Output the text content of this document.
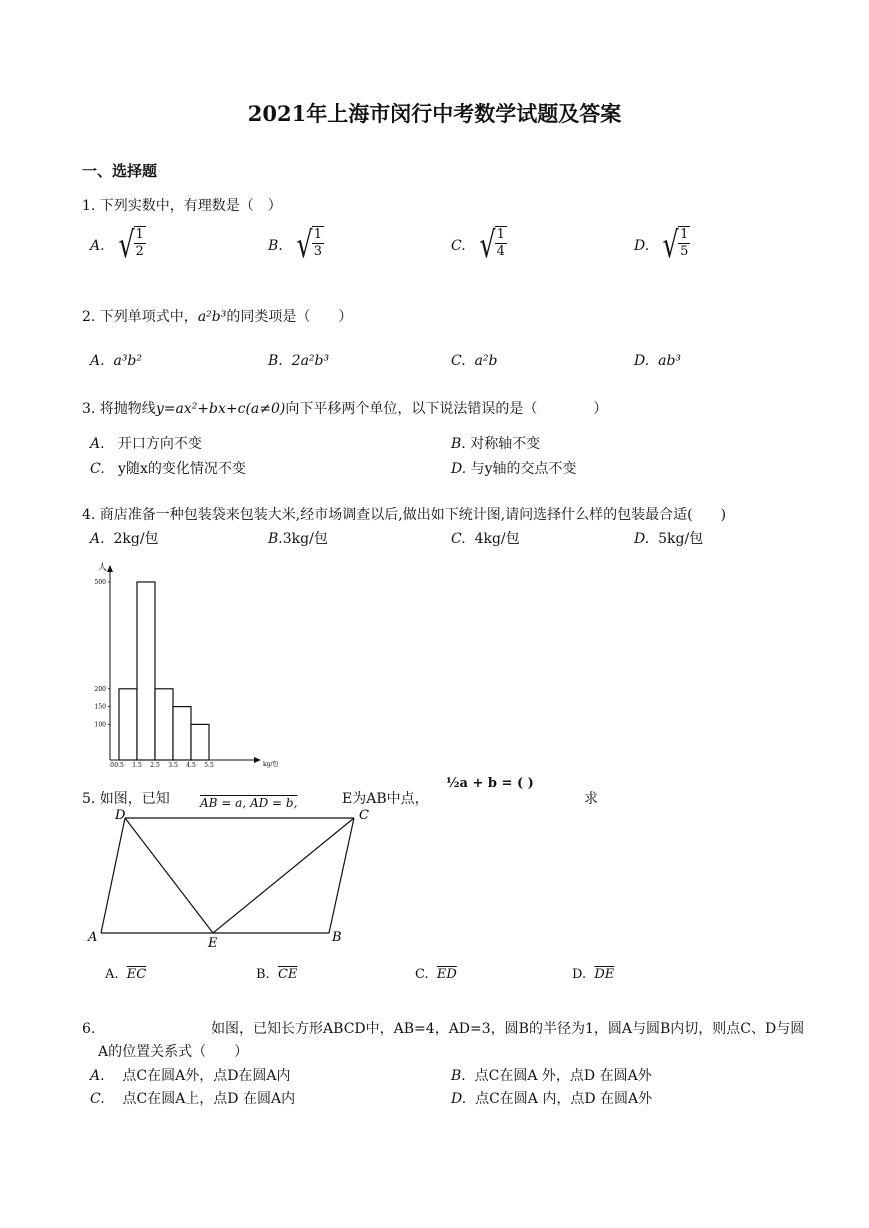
2021年上海市闵行中考数学试题及答案
一、选择题
1. 下列实数中，有理数是（　）
A. √ $\frac{1}{2}$	B. √ $\frac{1}{3}$	C. √ $\frac{1}{4}$	D. √ $\frac{1}{5}$
2. 下列单项式中，a²b³的同类项是（　　）
A. a³b²	B. 2a²b³	C. a²b	D. ab³
3. 将抛物线y=ax²+bx+c(a≠0)向下平移两个单位，以下说法错误的是（　　　　）
A. 开口方向不变	B. 对称轴不变
C. y随x的变化情况不变	D. 与y轴的交点不变
4. 商店准备一种包装袋来包装大米,经市场调查以后,做出如下统计图,请问选择什么样的包装最合适(　　)
A. 2kg/包	B.3kg/包	C. 4kg/包	D. 5kg/包
人
kg/包
100
150
200
500
0 0.5 1.5 2.5 3.5 4.5 5.5
5. 如图，已知	AB = a, AD = b,	E为AB中点，
½a + b = ( )
求
A
D	C
B
E
A. $\overline{EC}$	B. $\overline{CE}$	C. $\overline{ED}$	D. $\overline{DE}$
6.                          如图，已知长方形ABCD中，AB=4，AD=3，圆B的半径为1，圆A与圆B内切，则点C、D与圆
A的位置关系式（　　）
A. 点C在圆A外，点D在圆A内	B. 点C在圆A 外，点D 在圆A外
C. 点C在圆A上，点D 在圆A内	D. 点C在圆A 内，点D 在圆A外
